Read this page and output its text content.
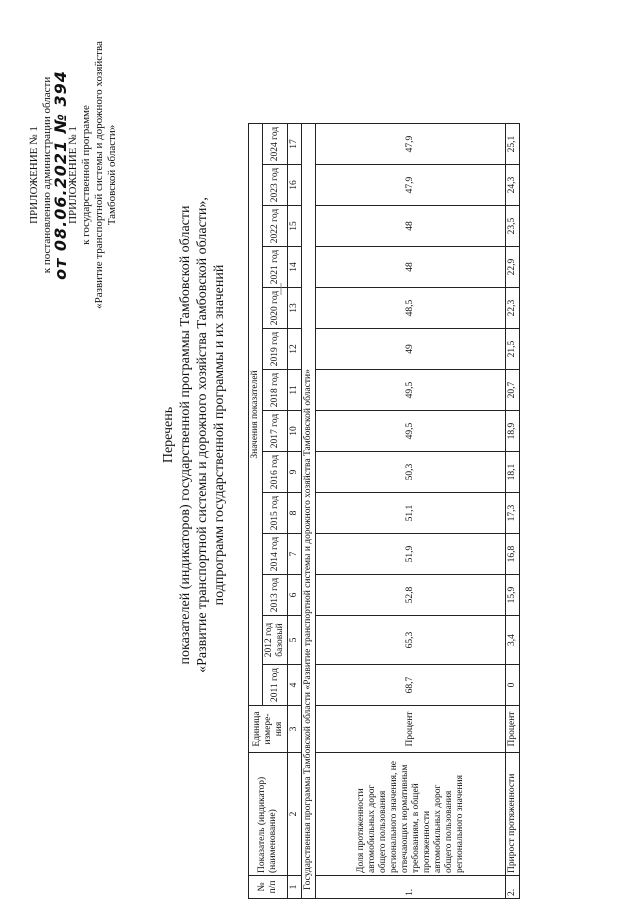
ПРИЛОЖЕНИЕ № 1 к постановлению администрации области
от 08.06.2021 № 394
ПРИЛОЖЕНИЕ № 1 к государственной программе «Развитие транспортной системы и дорожного хозяйства Тамбовской области»
Перечень показателей (индикаторов) государственной программы Тамбовской области «Развитие транспортной системы и дорожного хозяйства Тамбовской области», подпрограмм государственной программы и их значений
№ п/п	Показатель (индикатор) (наименование)	Единица измере-ния	Значения показателей													
			2011 год	2012 год базовый	2013 год	2014 год	2015 год	2016 год	2017 год	2018 год	2019 год	2020 год	2021 год	2022 год	2023 год	2024 год
1	2	3	4	5	6	7	8	9	10	11	12	13	14	15	16	17
Государственная программа Тамбовской области «Развитие транспортной системы и дорожного хозяйства Тамбовской области»																
1.	Доля протяженности автомобильных дорог общего пользования регионального значения, не отвечающих нормативным требованиям, в общей протяженности автомобильных дорог общего пользования регионального значения	Процент	68,7	65,3	52,8	51,9	51,1	50,3	49,5	49,5	49	48,5	48	48	47,9	47,9
2.	Прирост протяженности	Процент	0	3,4	15,9	16,8	17,3	18,1	18,9	20,7	21,5	22,3	22,9	23,5	24,3	25,1
